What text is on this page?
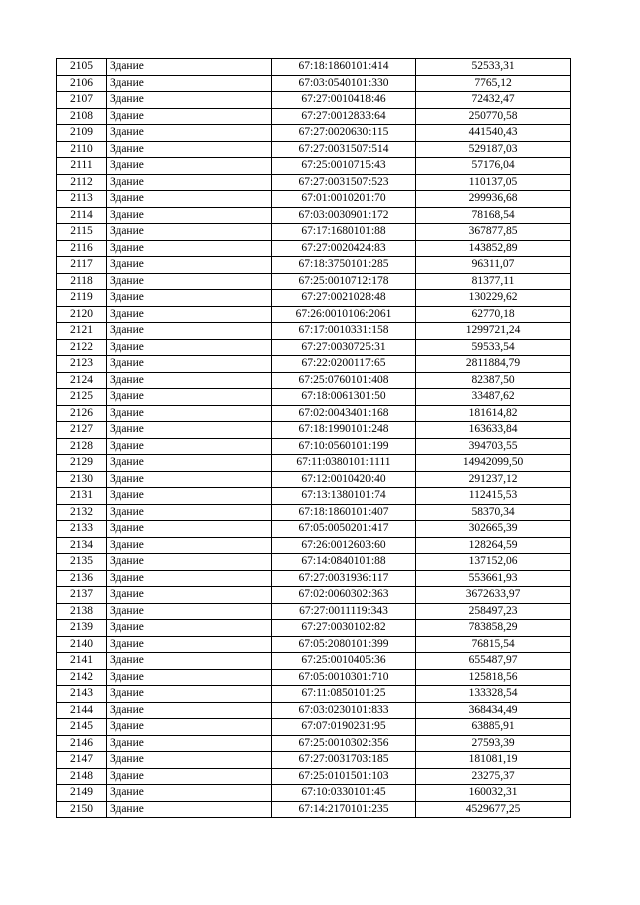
2105	Здание	67:18:1860101:414	52533,31
2106	Здание	67:03:0540101:330	7765,12
2107	Здание	67:27:0010418:46	72432,47
2108	Здание	67:27:0012833:64	250770,58
2109	Здание	67:27:0020630:115	441540,43
2110	Здание	67:27:0031507:514	529187,03
2111	Здание	67:25:0010715:43	57176,04
2112	Здание	67:27:0031507:523	110137,05
2113	Здание	67:01:0010201:70	299936,68
2114	Здание	67:03:0030901:172	78168,54
2115	Здание	67:17:1680101:88	367877,85
2116	Здание	67:27:0020424:83	143852,89
2117	Здание	67:18:3750101:285	96311,07
2118	Здание	67:25:0010712:178	81377,11
2119	Здание	67:27:0021028:48	130229,62
2120	Здание	67:26:0010106:2061	62770,18
2121	Здание	67:17:0010331:158	1299721,24
2122	Здание	67:27:0030725:31	59533,54
2123	Здание	67:22:0200117:65	2811884,79
2124	Здание	67:25:0760101:408	82387,50
2125	Здание	67:18:0061301:50	33487,62
2126	Здание	67:02:0043401:168	181614,82
2127	Здание	67:18:1990101:248	163633,84
2128	Здание	67:10:0560101:199	394703,55
2129	Здание	67:11:0380101:1111	14942099,50
2130	Здание	67:12:0010420:40	291237,12
2131	Здание	67:13:1380101:74	112415,53
2132	Здание	67:18:1860101:407	58370,34
2133	Здание	67:05:0050201:417	302665,39
2134	Здание	67:26:0012603:60	128264,59
2135	Здание	67:14:0840101:88	137152,06
2136	Здание	67:27:0031936:117	553661,93
2137	Здание	67:02:0060302:363	3672633,97
2138	Здание	67:27:0011119:343	258497,23
2139	Здание	67:27:0030102:82	783858,29
2140	Здание	67:05:2080101:399	76815,54
2141	Здание	67:25:0010405:36	655487,97
2142	Здание	67:05:0010301:710	125818,56
2143	Здание	67:11:0850101:25	133328,54
2144	Здание	67:03:0230101:833	368434,49
2145	Здание	67:07:0190231:95	63885,91
2146	Здание	67:25:0010302:356	27593,39
2147	Здание	67:27:0031703:185	181081,19
2148	Здание	67:25:0101501:103	23275,37
2149	Здание	67:10:0330101:45	160032,31
2150	Здание	67:14:2170101:235	4529677,25
